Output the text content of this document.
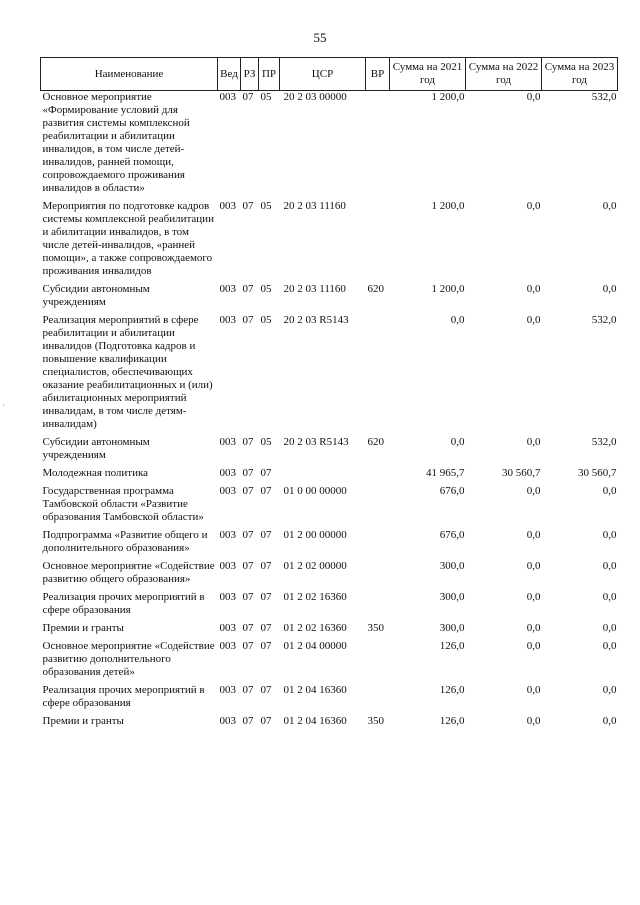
55
Наименование	Вед	РЗ	ПР	ЦСР	ВР	Сумма на 2021 год	Сумма на 2022 год	Сумма на 2023 год
Основное мероприятие «Формирование условий для развития системы комплексной реабилитации и абилитации инвалидов, в том числе детей-инвалидов, ранней помощи, сопровождаемого проживания инвалидов в области»	003	07	05	20 2 03 00000		1 200,0	0,0	532,0
Мероприятия по подготовке кадров системы комплексной реабилитации и абилитации инвалидов, в том числе детей-инвалидов, «ранней помощи», а также сопровождаемого проживания инвалидов	003	07	05	20 2 03 11160		1 200,0	0,0	0,0
Субсидии автономным учреждениям	003	07	05	20 2 03 11160	620	1 200,0	0,0	0,0
Реализация мероприятий в сфере реабилитации и абилитации инвалидов (Подготовка кадров и повышение квалификации специалистов, обеспечивающих оказание реабилитационных и (или) абилитационных мероприятий инвалидам, в том числе детям-инвалидам)	003	07	05	20 2 03 R5143		0,0	0,0	532,0
Субсидии автономным учреждениям	003	07	05	20 2 03 R5143	620	0,0	0,0	532,0
Молодежная политика	003	07	07			41 965,7	30 560,7	30 560,7
Государственная программа Тамбовской области «Развитие образования Тамбовской области»	003	07	07	01 0 00 00000		676,0	0,0	0,0
Подпрограмма «Развитие общего и дополнительного образования»	003	07	07	01 2 00 00000		676,0	0,0	0,0
Основное мероприятие «Содействие развитию общего образования»	003	07	07	01 2 02 00000		300,0	0,0	0,0
Реализация прочих мероприятий в сфере образования	003	07	07	01 2 02 16360		300,0	0,0	0,0
Премии и гранты	003	07	07	01 2 02 16360	350	300,0	0,0	0,0
Основное мероприятие «Содействие развитию дополнительного образования детей»	003	07	07	01 2 04 00000		126,0	0,0	0,0
Реализация прочих мероприятий в сфере образования	003	07	07	01 2 04 16360		126,0	0,0	0,0
Премии и гранты	003	07	07	01 2 04 16360	350	126,0	0,0	0,0
·
